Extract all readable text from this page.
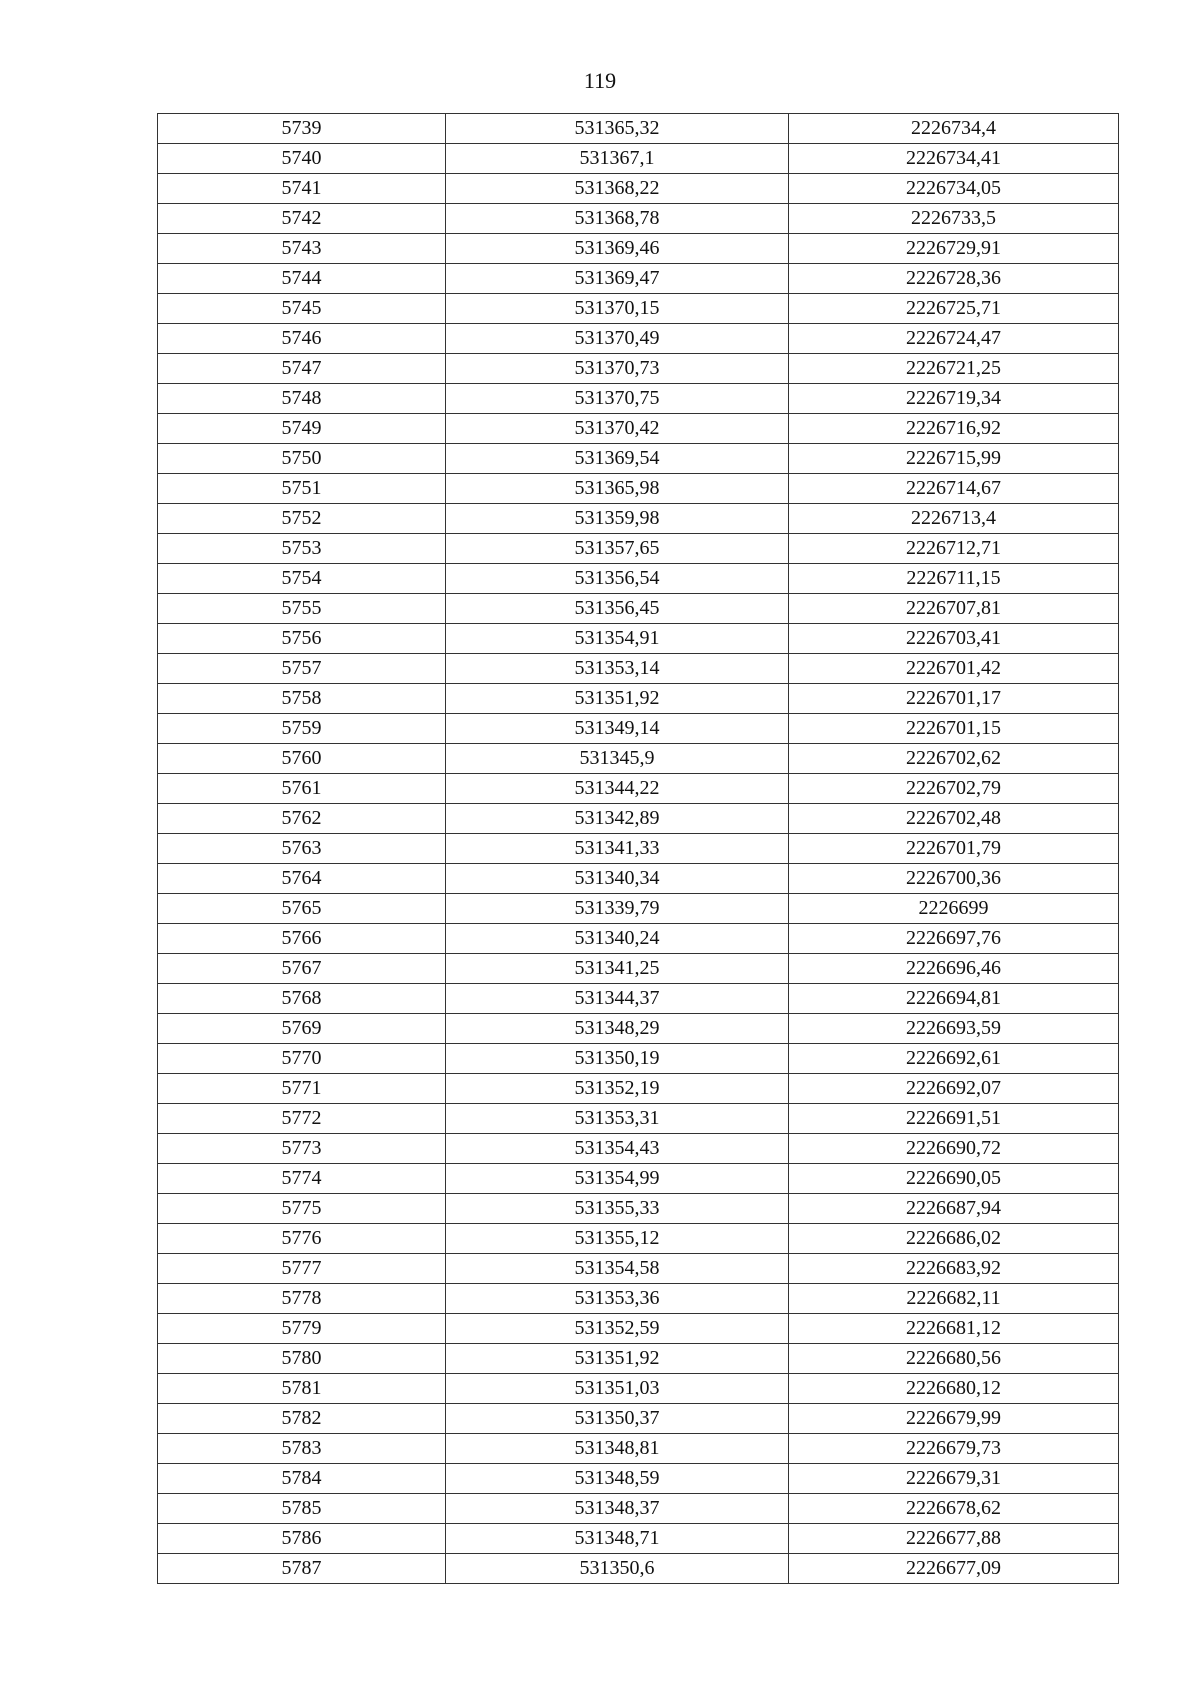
119
5739	531365,32	2226734,4
5740	531367,1	2226734,41
5741	531368,22	2226734,05
5742	531368,78	2226733,5
5743	531369,46	2226729,91
5744	531369,47	2226728,36
5745	531370,15	2226725,71
5746	531370,49	2226724,47
5747	531370,73	2226721,25
5748	531370,75	2226719,34
5749	531370,42	2226716,92
5750	531369,54	2226715,99
5751	531365,98	2226714,67
5752	531359,98	2226713,4
5753	531357,65	2226712,71
5754	531356,54	2226711,15
5755	531356,45	2226707,81
5756	531354,91	2226703,41
5757	531353,14	2226701,42
5758	531351,92	2226701,17
5759	531349,14	2226701,15
5760	531345,9	2226702,62
5761	531344,22	2226702,79
5762	531342,89	2226702,48
5763	531341,33	2226701,79
5764	531340,34	2226700,36
5765	531339,79	2226699
5766	531340,24	2226697,76
5767	531341,25	2226696,46
5768	531344,37	2226694,81
5769	531348,29	2226693,59
5770	531350,19	2226692,61
5771	531352,19	2226692,07
5772	531353,31	2226691,51
5773	531354,43	2226690,72
5774	531354,99	2226690,05
5775	531355,33	2226687,94
5776	531355,12	2226686,02
5777	531354,58	2226683,92
5778	531353,36	2226682,11
5779	531352,59	2226681,12
5780	531351,92	2226680,56
5781	531351,03	2226680,12
5782	531350,37	2226679,99
5783	531348,81	2226679,73
5784	531348,59	2226679,31
5785	531348,37	2226678,62
5786	531348,71	2226677,88
5787	531350,6	2226677,09
